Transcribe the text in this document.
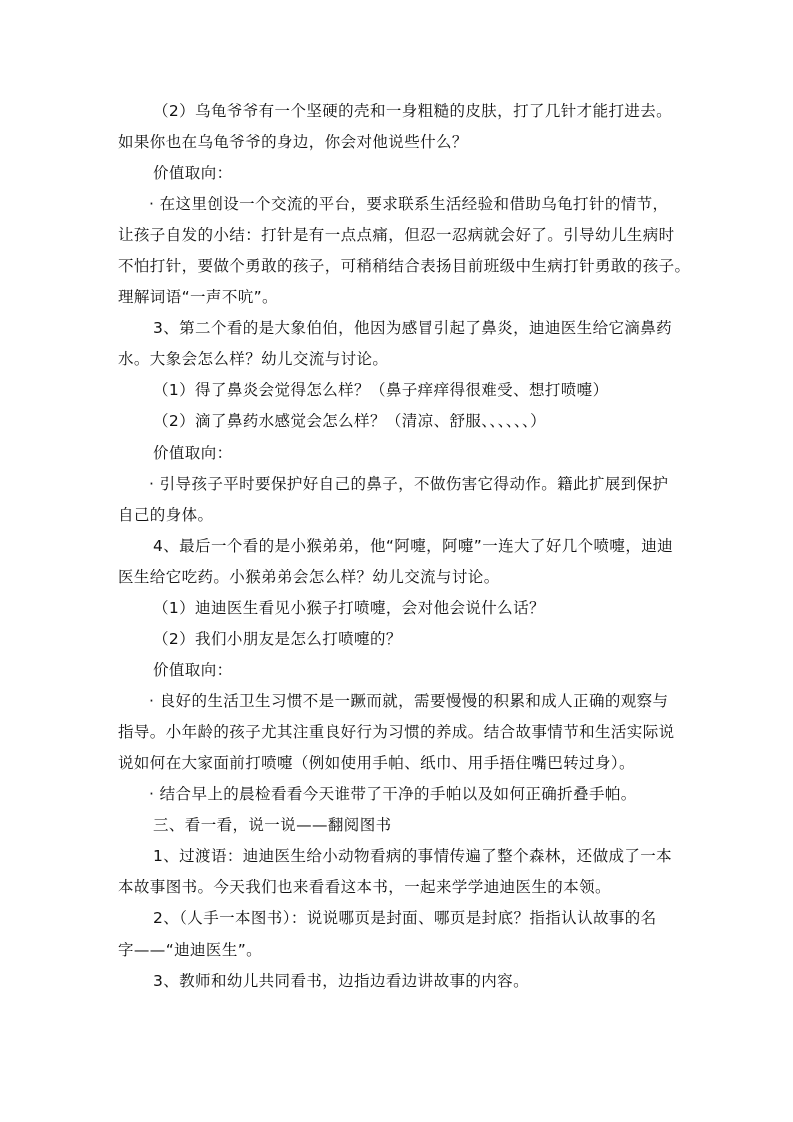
（2）乌龟爷爷有一个坚硬的壳和一身粗糙的皮肤，打了几针才能打进去。
如果你也在乌龟爷爷的身边，你会对他说些什么？
价值取向：
· 在这里创设一个交流的平台，要求联系生活经验和借助乌龟打针的情节，
让孩子自发的小结：打针是有一点点痛，但忍一忍病就会好了。引导幼儿生病时
不怕打针，要做个勇敢的孩子，可稍稍结合表扬目前班级中生病打针勇敢的孩子。
理解词语“一声不吭”。
3、第二个看的是大象伯伯，他因为感冒引起了鼻炎，迪迪医生给它滴鼻药
水。大象会怎么样？幼儿交流与讨论。
（1）得了鼻炎会觉得怎么样？（鼻子痒痒得很难受、想打喷嚏）
（2）滴了鼻药水感觉会怎么样？（清凉、舒服、、、、、、）
价值取向：
· 引导孩子平时要保护好自己的鼻子，不做伤害它得动作。籍此扩展到保护
自己的身体。
4、最后一个看的是小猴弟弟，他“阿嚏，阿嚏”一连大了好几个喷嚏，迪迪
医生给它吃药。小猴弟弟会怎么样？幼儿交流与讨论。
（1）迪迪医生看见小猴子打喷嚏，会对他会说什么话？
（2）我们小朋友是怎么打喷嚏的？
价值取向：
· 良好的生活卫生习惯不是一蹶而就，需要慢慢的积累和成人正确的观察与
指导。小年龄的孩子尤其注重良好行为习惯的养成。结合故事情节和生活实际说
说如何在大家面前打喷嚏（例如使用手帕、纸巾、用手捂住嘴巴转过身）。
· 结合早上的晨检看看今天谁带了干净的手帕以及如何正确折叠手帕。
三、看一看，说一说——翻阅图书
1、过渡语：迪迪医生给小动物看病的事情传遍了整个森林，还做成了一本
本故事图书。今天我们也来看看这本书，一起来学学迪迪医生的本领。
2、（人手一本图书）：说说哪页是封面、哪页是封底？指指认认故事的名
字——“迪迪医生”。
3、教师和幼儿共同看书，边指边看边讲故事的内容。
